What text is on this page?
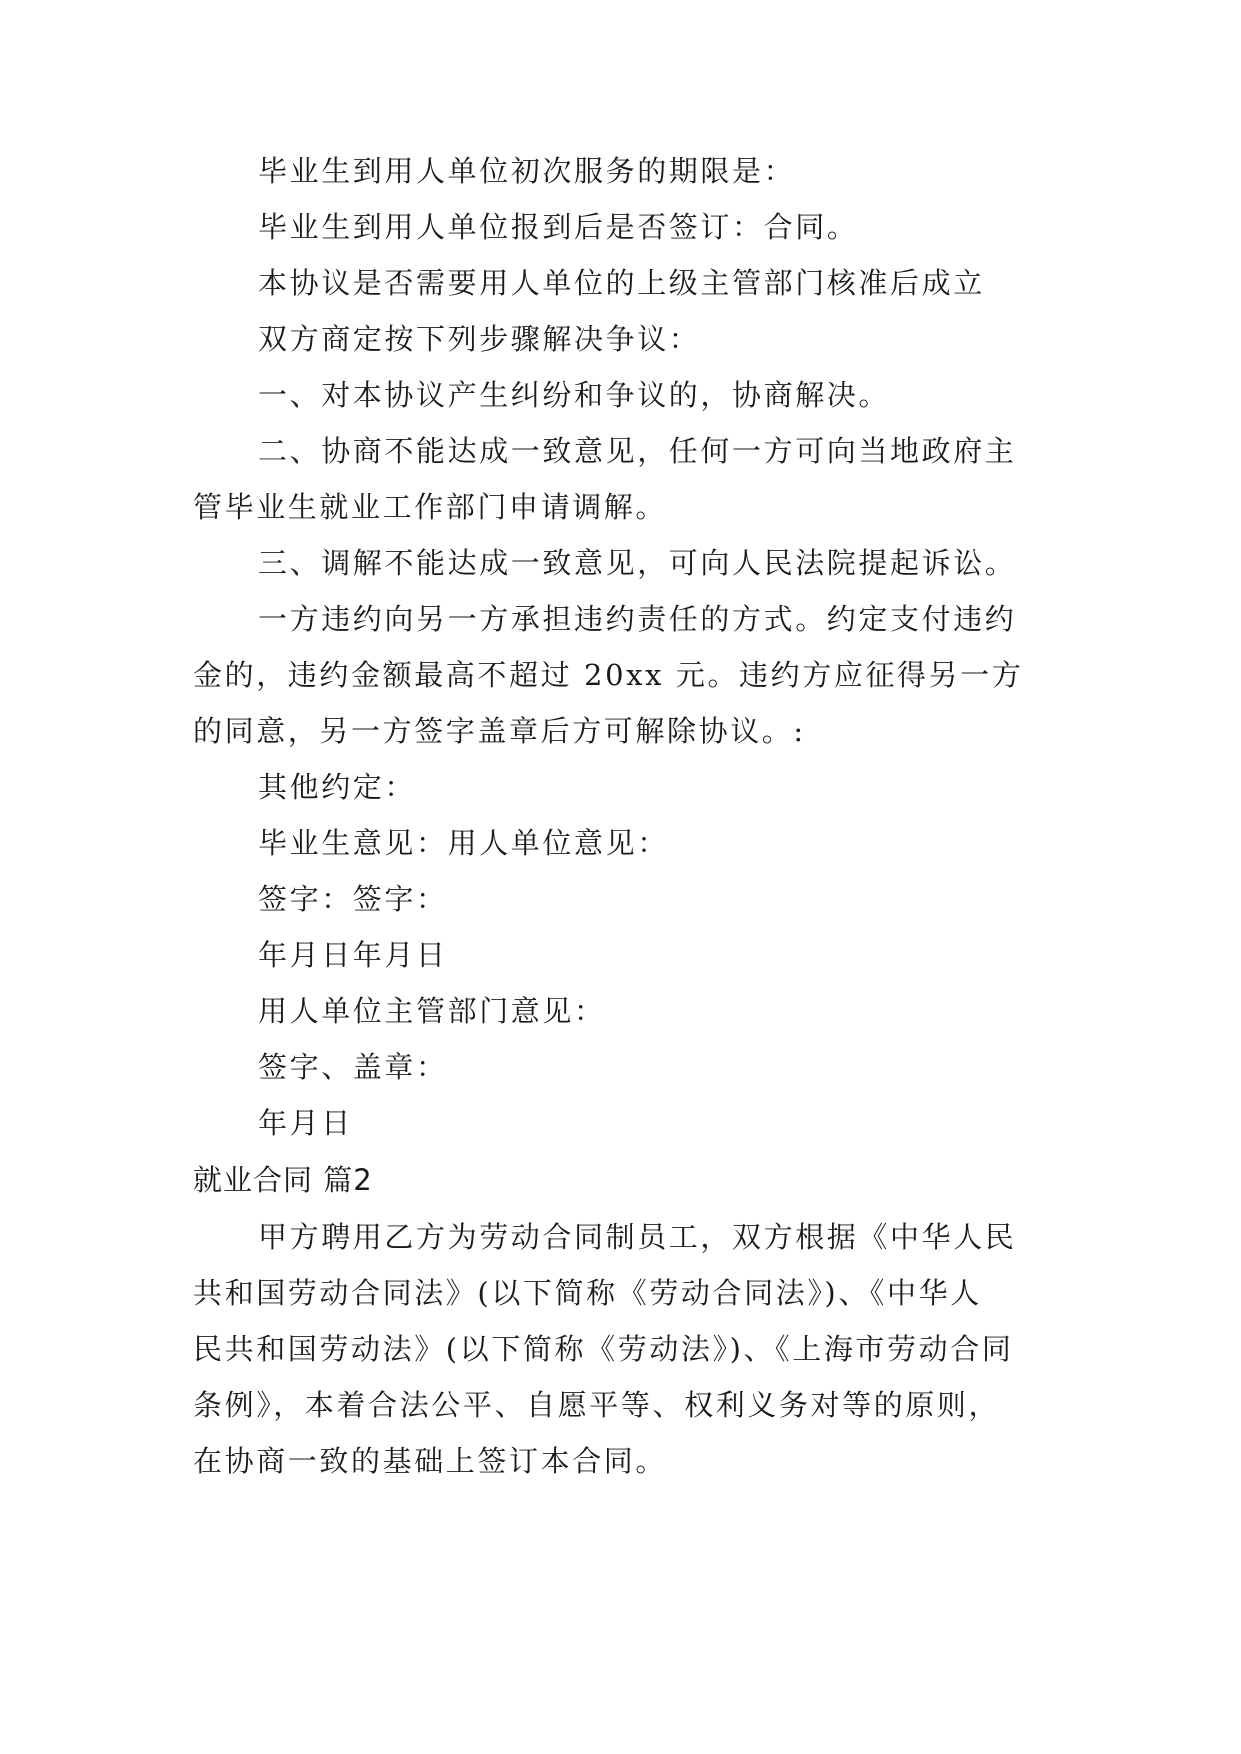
毕业生到用人单位初次服务的期限是：
毕业生到用人单位报到后是否签订：合同。
本协议是否需要用人单位的上级主管部门核准后成立
双方商定按下列步骤解决争议：
一、对本协议产生纠纷和争议的，协商解决。
二、协商不能达成一致意见，任何一方可向当地政府主
管毕业生就业工作部门申请调解。
三、调解不能达成一致意见，可向人民法院提起诉讼。
一方违约向另一方承担违约责任的方式。约定支付违约
金的，违约金额最高不超过 20xx 元。违约方应征得另一方
的同意，另一方签字盖章后方可解除协议。:
其他约定：
毕业生意见：用人单位意见：
签字：签字：
年月日年月日
用人单位主管部门意见：
签字、盖章：
年月日
就业合同 篇2
甲方聘用乙方为劳动合同制员工，双方根据《中华人民
共和国劳动合同法》(以下简称《劳动合同法》)、《中华人
民共和国劳动法》(以下简称《劳动法》)、《上海市劳动合同
条例》，本着合法公平、自愿平等、权利义务对等的原则，
在协商一致的基础上签订本合同。
